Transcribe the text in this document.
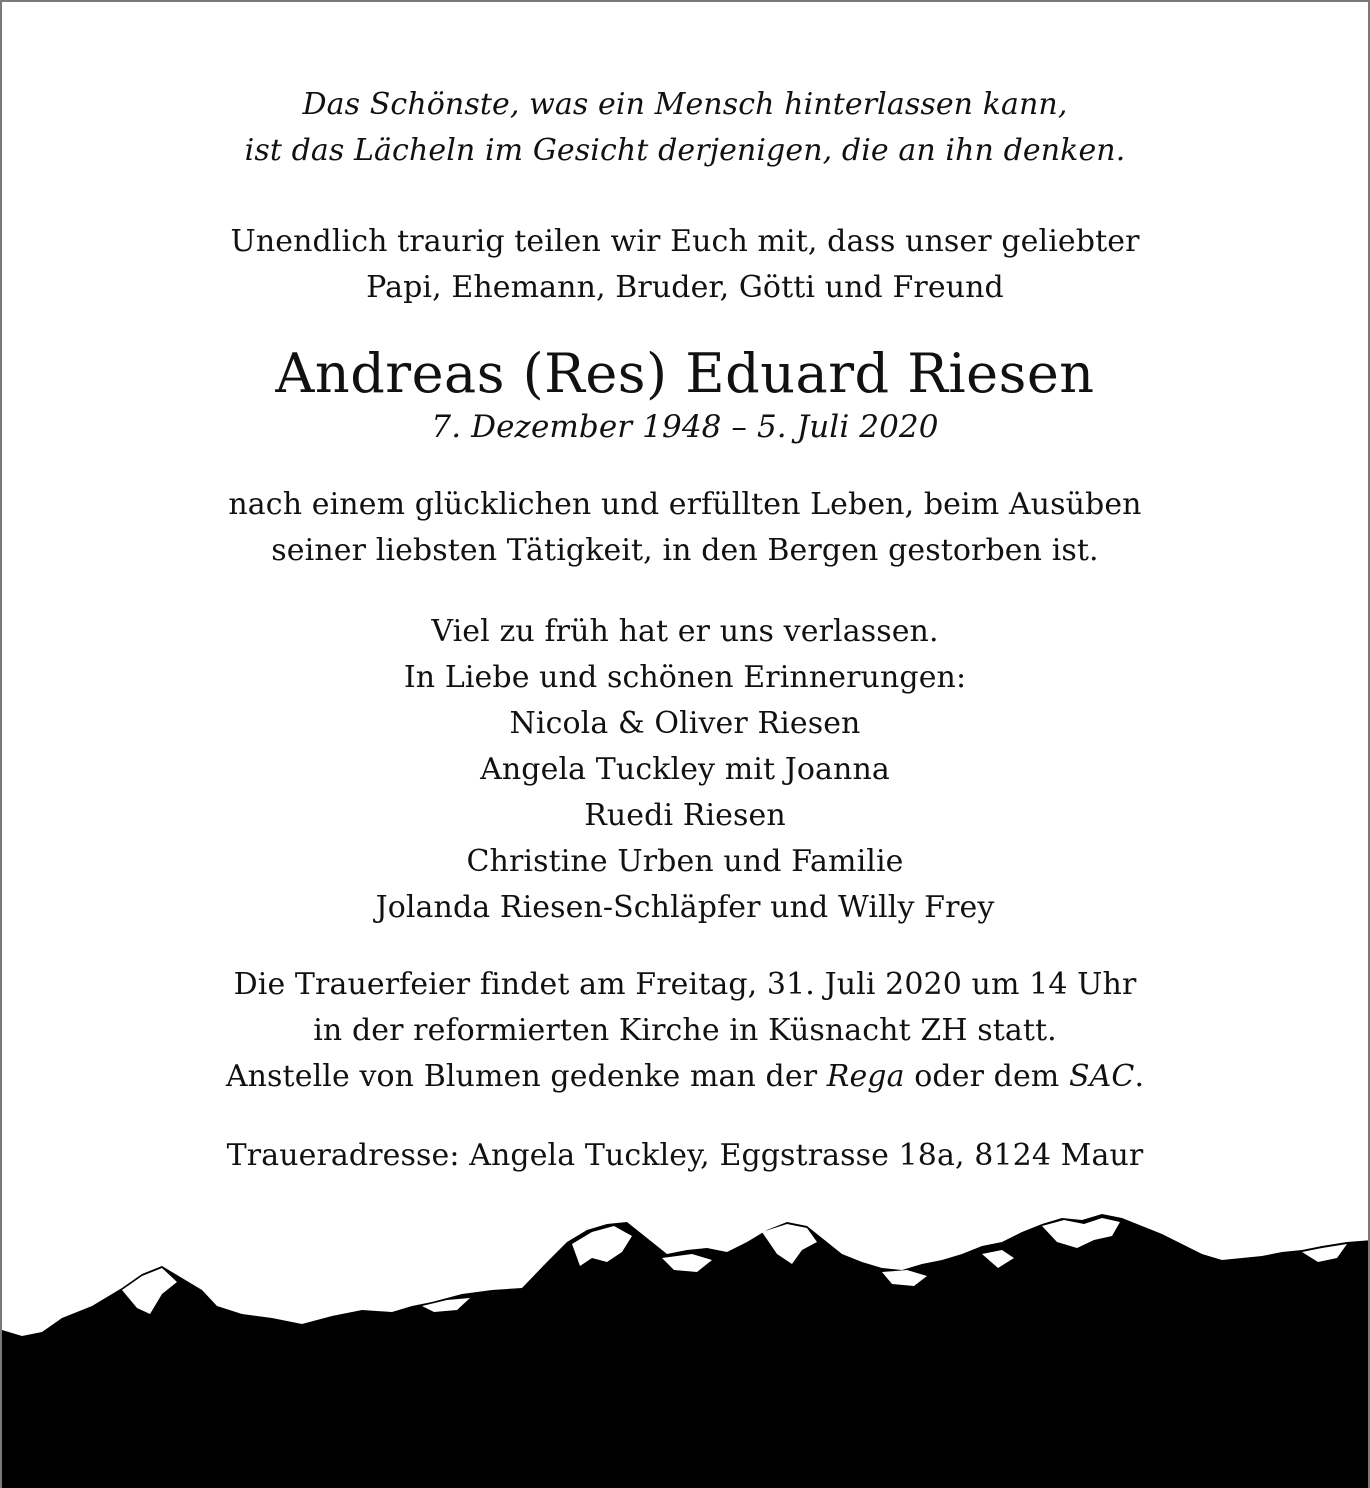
Das Schönste, was ein Mensch hinterlassen kann,
ist das Lächeln im Gesicht derjenigen, die an ihn denken.

Unendlich traurig teilen wir Euch mit, dass unser geliebter
Papi, Ehemann, Bruder, Götti und Freund

Andreas (Res) Eduard Riesen

7. Dezember 1948 – 5. Juli 2020

nach einem glücklichen und erfüllten Leben, beim Ausüben
seiner liebsten Tätigkeit, in den Bergen gestorben ist.

Viel zu früh hat er uns verlassen.
In Liebe und schönen Erinnerungen:
Nicola & Oliver Riesen
Angela Tuckley mit Joanna
Ruedi Riesen
Christine Urben und Familie
Jolanda Riesen-Schläpfer und Willy Frey

Die Trauerfeier findet am Freitag, 31. Juli 2020 um 14 Uhr
in der reformierten Kirche in Küsnacht ZH statt.
Anstelle von Blumen gedenke man der Rega oder dem SAC.

Traueradresse: Angela Tuckley, Eggstrasse 18a, 8124 Maur
